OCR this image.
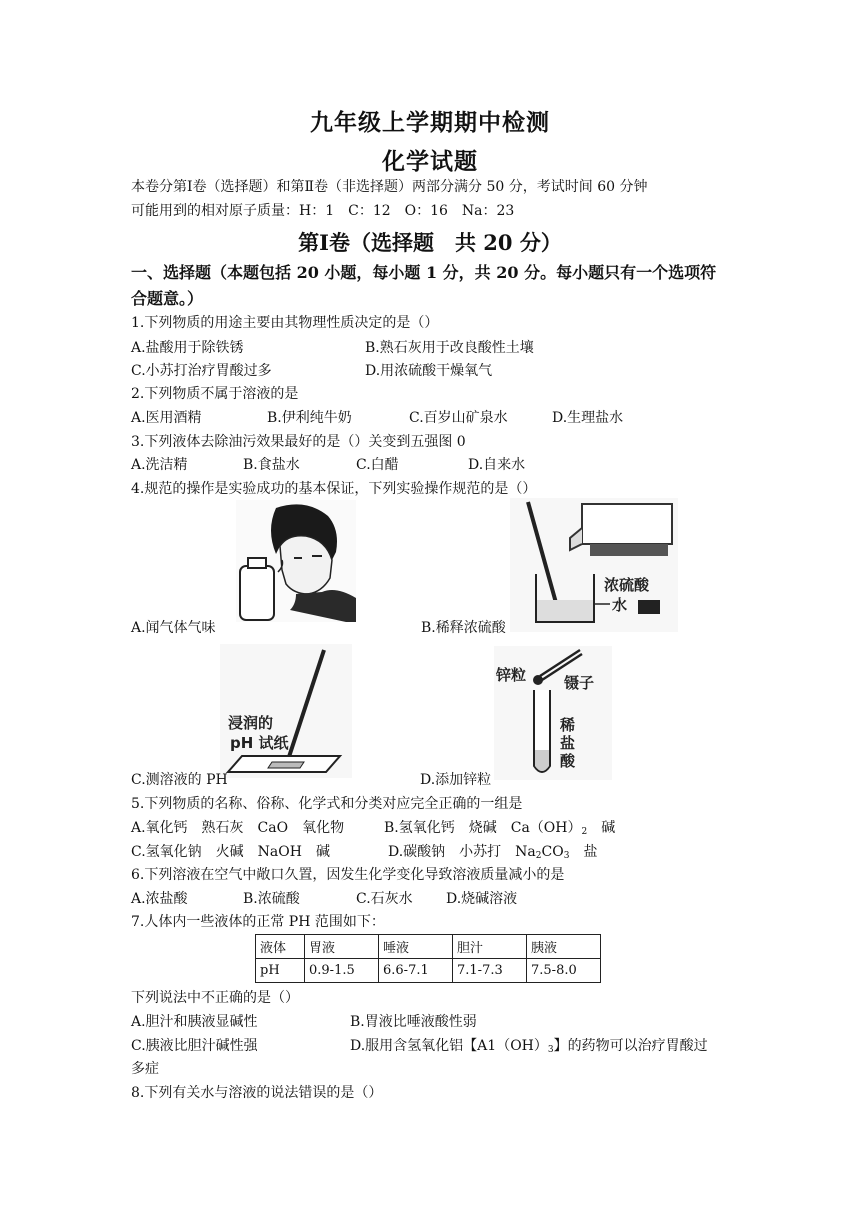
九年级上学期期中检测
化学试题
本卷分第Ⅰ卷（选择题）和第Ⅱ卷（非选择题）两部分满分 50 分，考试时间 60 分钟
可能用到的相对原子质量：H：1　C：12　O：16　Na：23
第Ⅰ卷（选择题　共 20 分）
一、选择题（本题包括 20 小题，每小题 1 分，共 20 分。每小题只有一个选项符合题意。）
1.下列物质的用途主要由其物理性质决定的是（）
A.盐酸用于除铁锈	B.熟石灰用于改良酸性土壤
C.小苏打治疗胃酸过多	D.用浓硫酸干燥氧气
2.下列物质不属于溶液的是
A.医用酒精	B.伊利纯牛奶	C.百岁山矿泉水	D.生理盐水
3.下列液体去除油污效果最好的是（）关变到五强图 0
A.洗洁精	B.食盐水	C.白醋	D.自来水
4.规范的操作是实验成功的基本保证，下列实验操作规范的是（）
浓硫酸
水
A.闻气体气味	B.稀释浓硫酸
浸润的
pH 试纸
锌粒	镊子
稀
盐
酸
C.测溶液的 PH	D.添加锌粒
5.下列物质的名称、俗称、化学式和分类对应完全正确的一组是
A.氧化钙　熟石灰　CaO　氧化物	B.氢氧化钙　烧碱　$Ca(OH)_2$　碱
C.氢氧化钠　火碱　NaOH　碱	D.碳酸钠　小苏打　$Na_2CO_3$　盐
6.下列溶液在空气中敞口久置，因发生化学变化导致溶液质量减小的是
A.浓盐酸	B.浓硫酸	C.石灰水 D.烧碱溶液
7.人体内一些液体的正常 PH 范围如下：
液体	胃液	唾液	胆汁	胰液
pH	0.9-1.5	6.6-7.1	7.1-7.3	7.5-8.0
下列说法中不正确的是（）
A.胆汁和胰液显碱性	B.胃液比唾液酸性弱
C.胰液比胆汁碱性强	D.服用含氢氧化铝【$A1(OH)_3$】的药物可以治疗胃酸过
多症
8.下列有关水与溶液的说法错误的是（）
